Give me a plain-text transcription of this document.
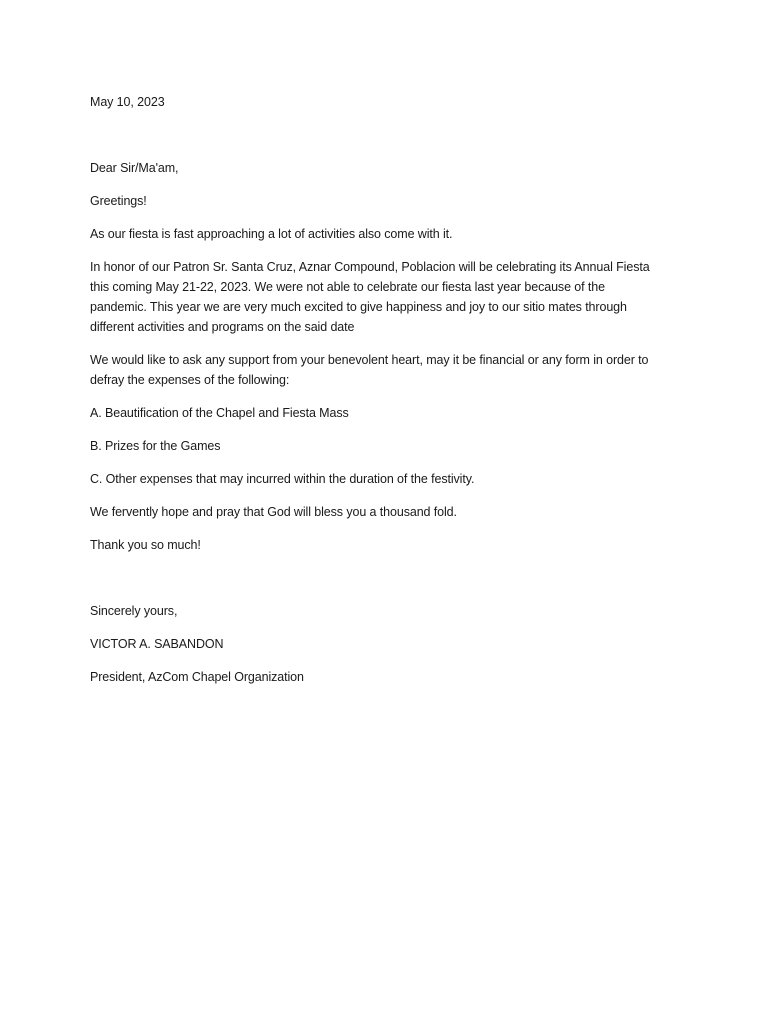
May 10, 2023
Dear Sir/Ma'am,
Greetings!
As our fiesta is fast approaching a lot of activities also come with it.
In honor of our Patron Sr. Santa Cruz, Aznar Compound, Poblacion will be celebrating its Annual Fiesta
this coming May 21-22, 2023. We were not able to celebrate our fiesta last year because of the
pandemic. This year we are very much excited to give happiness and joy to our sitio mates through
different activities and programs on the said date
We would like to ask any support from your benevolent heart, may it be financial or any form in order to
defray the expenses of the following:
A. Beautification of the Chapel and Fiesta Mass
B. Prizes for the Games
C. Other expenses that may incurred within the duration of the festivity.
We fervently hope and pray that God will bless you a thousand fold.
Thank you so much!
Sincerely yours,
VICTOR A. SABANDON
President, AzCom Chapel Organization
